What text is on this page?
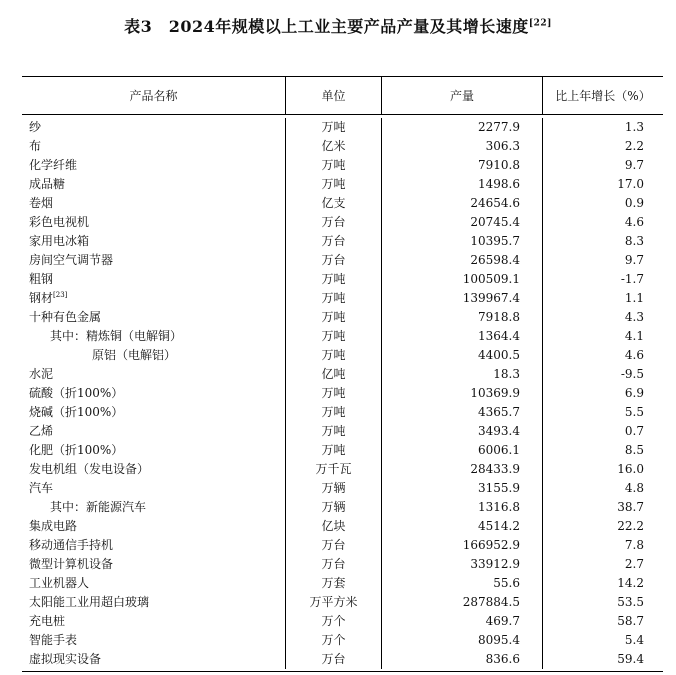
表3　2024年规模以上工业主要产品产量及其增长速度[22]
产品名称	单位	产量	比上年增长（%）
纱	万吨	2277.9	1.3
布	亿米	306.3	2.2
化学纤维	万吨	7910.8	9.7
成品糖	万吨	1498.6	17.0
卷烟	亿支	24654.6	0.9
彩色电视机	万台	20745.4	4.6
家用电冰箱	万台	10395.7	8.3
房间空气调节器	万台	26598.4	9.7
粗钢	万吨	100509.1	-1.7
钢材[23]	万吨	139967.4	1.1
十种有色金属	万吨	7918.8	4.3
其中：精炼铜（电解铜）	万吨	1364.4	4.1
原铝（电解铝）	万吨	4400.5	4.6
水泥	亿吨	18.3	-9.5
硫酸（折100%）	万吨	10369.9	6.9
烧碱（折100%）	万吨	4365.7	5.5
乙烯	万吨	3493.4	0.7
化肥（折100%）	万吨	6006.1	8.5
发电机组（发电设备）	万千瓦	28433.9	16.0
汽车	万辆	3155.9	4.8
其中：新能源汽车	万辆	1316.8	38.7
集成电路	亿块	4514.2	22.2
移动通信手持机	万台	166952.9	7.8
微型计算机设备	万台	33912.9	2.7
工业机器人	万套	55.6	14.2
太阳能工业用超白玻璃	万平方米	287884.5	53.5
充电桩	万个	469.7	58.7
智能手表	万个	8095.4	5.4
虚拟现实设备	万台	836.6	59.4
